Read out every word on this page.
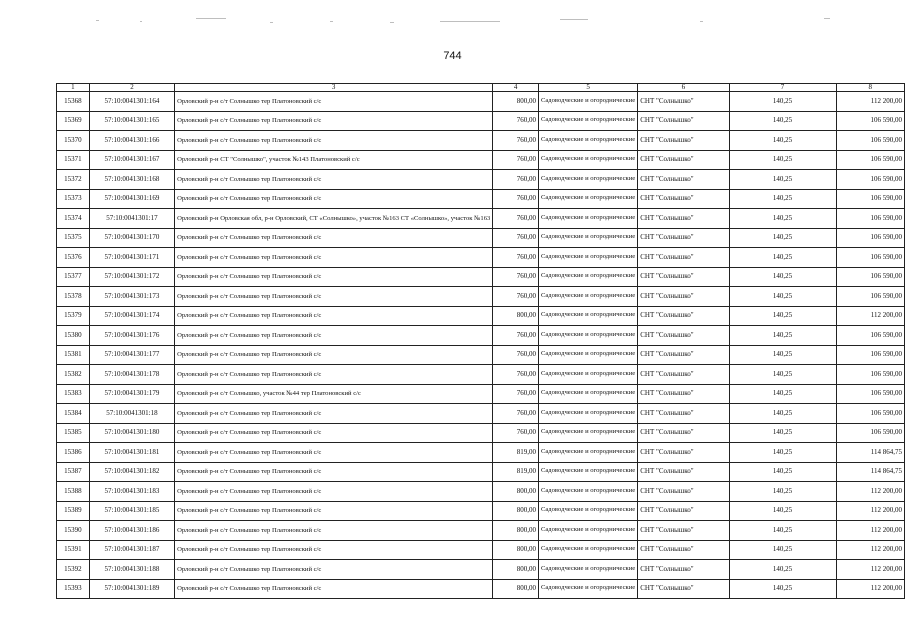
744
1	2	3	4	5	6	7	8
15368	57:10:0041301:164	Орловский р-н с/т Солнышко тер Платоновский с/с	800,00	Садоводческие и огороднические	СНТ "Солнышко"	140,25	112 200,00
15369	57:10:0041301:165	Орловский р-н с/т Солнышко тер Платоновский с/с	760,00	Садоводческие и огороднические	СНТ "Солнышко"	140,25	106 590,00
15370	57:10:0041301:166	Орловский р-н с/т Солнышко тер Платоновский с/с	760,00	Садоводческие и огороднические	СНТ "Солнышко"	140,25	106 590,00
15371	57:10:0041301:167	Орловский р-н СТ "Солнышко", участок №143 Платоновский с/с	760,00	Садоводческие и огороднические	СНТ "Солнышко"	140,25	106 590,00
15372	57:10:0041301:168	Орловский р-н с/т Солнышко тер Платоновский с/с	760,00	Садоводческие и огороднические	СНТ "Солнышко"	140,25	106 590,00
15373	57:10:0041301:169	Орловский р-н с/т Солнышко тер Платоновский с/с	760,00	Садоводческие и огороднические	СНТ "Солнышко"	140,25	106 590,00
15374	57:10:0041301:17	Орловский р-н Орловская обл, р-н Орловский, СТ «Солнышко», участок №163 СТ «Солнышко», участок №163	760,00	Садоводческие и огороднические	СНТ "Солнышко"	140,25	106 590,00
15375	57:10:0041301:170	Орловский р-н с/т Солнышко тер Платоновский с/с	760,00	Садоводческие и огороднические	СНТ "Солнышко"	140,25	106 590,00
15376	57:10:0041301:171	Орловский р-н с/т Солнышко тер Платоновский с/с	760,00	Садоводческие и огороднические	СНТ "Солнышко"	140,25	106 590,00
15377	57:10:0041301:172	Орловский р-н с/т Солнышко тер Платоновский с/с	760,00	Садоводческие и огороднические	СНТ "Солнышко"	140,25	106 590,00
15378	57:10:0041301:173	Орловский р-н с/т Солнышко тер Платоновский с/с	760,00	Садоводческие и огороднические	СНТ "Солнышко"	140,25	106 590,00
15379	57:10:0041301:174	Орловский р-н с/т Солнышко тер Платоновский с/с	800,00	Садоводческие и огороднические	СНТ "Солнышко"	140,25	112 200,00
15380	57:10:0041301:176	Орловский р-н с/т Солнышко тер Платоновский с/с	760,00	Садоводческие и огороднические	СНТ "Солнышко"	140,25	106 590,00
15381	57:10:0041301:177	Орловский р-н с/т Солнышко тер Платоновский с/с	760,00	Садоводческие и огороднические	СНТ "Солнышко"	140,25	106 590,00
15382	57:10:0041301:178	Орловский р-н с/т Солнышко тер Платоновский с/с	760,00	Садоводческие и огороднические	СНТ "Солнышко"	140,25	106 590,00
15383	57:10:0041301:179	Орловский р-н с/т Солнышко, участок №44 тер Платоновский с/с	760,00	Садоводческие и огороднические	СНТ "Солнышко"	140,25	106 590,00
15384	57:10:0041301:18	Орловский р-н с/т Солнышко тер Платоновский с/с	760,00	Садоводческие и огороднические	СНТ "Солнышко"	140,25	106 590,00
15385	57:10:0041301:180	Орловский р-н с/т Солнышко тер Платоновский с/с	760,00	Садоводческие и огороднические	СНТ "Солнышко"	140,25	106 590,00
15386	57:10:0041301:181	Орловский р-н с/т Солнышко тер Платоновский с/с	819,00	Садоводческие и огороднические	СНТ "Солнышко"	140,25	114 864,75
15387	57:10:0041301:182	Орловский р-н с/т Солнышко тер Платоновский с/с	819,00	Садоводческие и огороднические	СНТ "Солнышко"	140,25	114 864,75
15388	57:10:0041301:183	Орловский р-н с/т Солнышко тер Платоновский с/с	800,00	Садоводческие и огороднические	СНТ "Солнышко"	140,25	112 200,00
15389	57:10:0041301:185	Орловский р-н с/т Солнышко тер Платоновский с/с	800,00	Садоводческие и огороднические	СНТ "Солнышко"	140,25	112 200,00
15390	57:10:0041301:186	Орловский р-н с/т Солнышко тер Платоновский с/с	800,00	Садоводческие и огороднические	СНТ "Солнышко"	140,25	112 200,00
15391	57:10:0041301:187	Орловский р-н с/т Солнышко тер Платоновский с/с	800,00	Садоводческие и огороднические	СНТ "Солнышко"	140,25	112 200,00
15392	57:10:0041301:188	Орловский р-н с/т Солнышко тер Платоновский с/с	800,00	Садоводческие и огороднические	СНТ "Солнышко"	140,25	112 200,00
15393	57:10:0041301:189	Орловский р-н с/т Солнышко тер Платоновский с/с	800,00	Садоводческие и огороднические	СНТ "Солнышко"	140,25	112 200,00
